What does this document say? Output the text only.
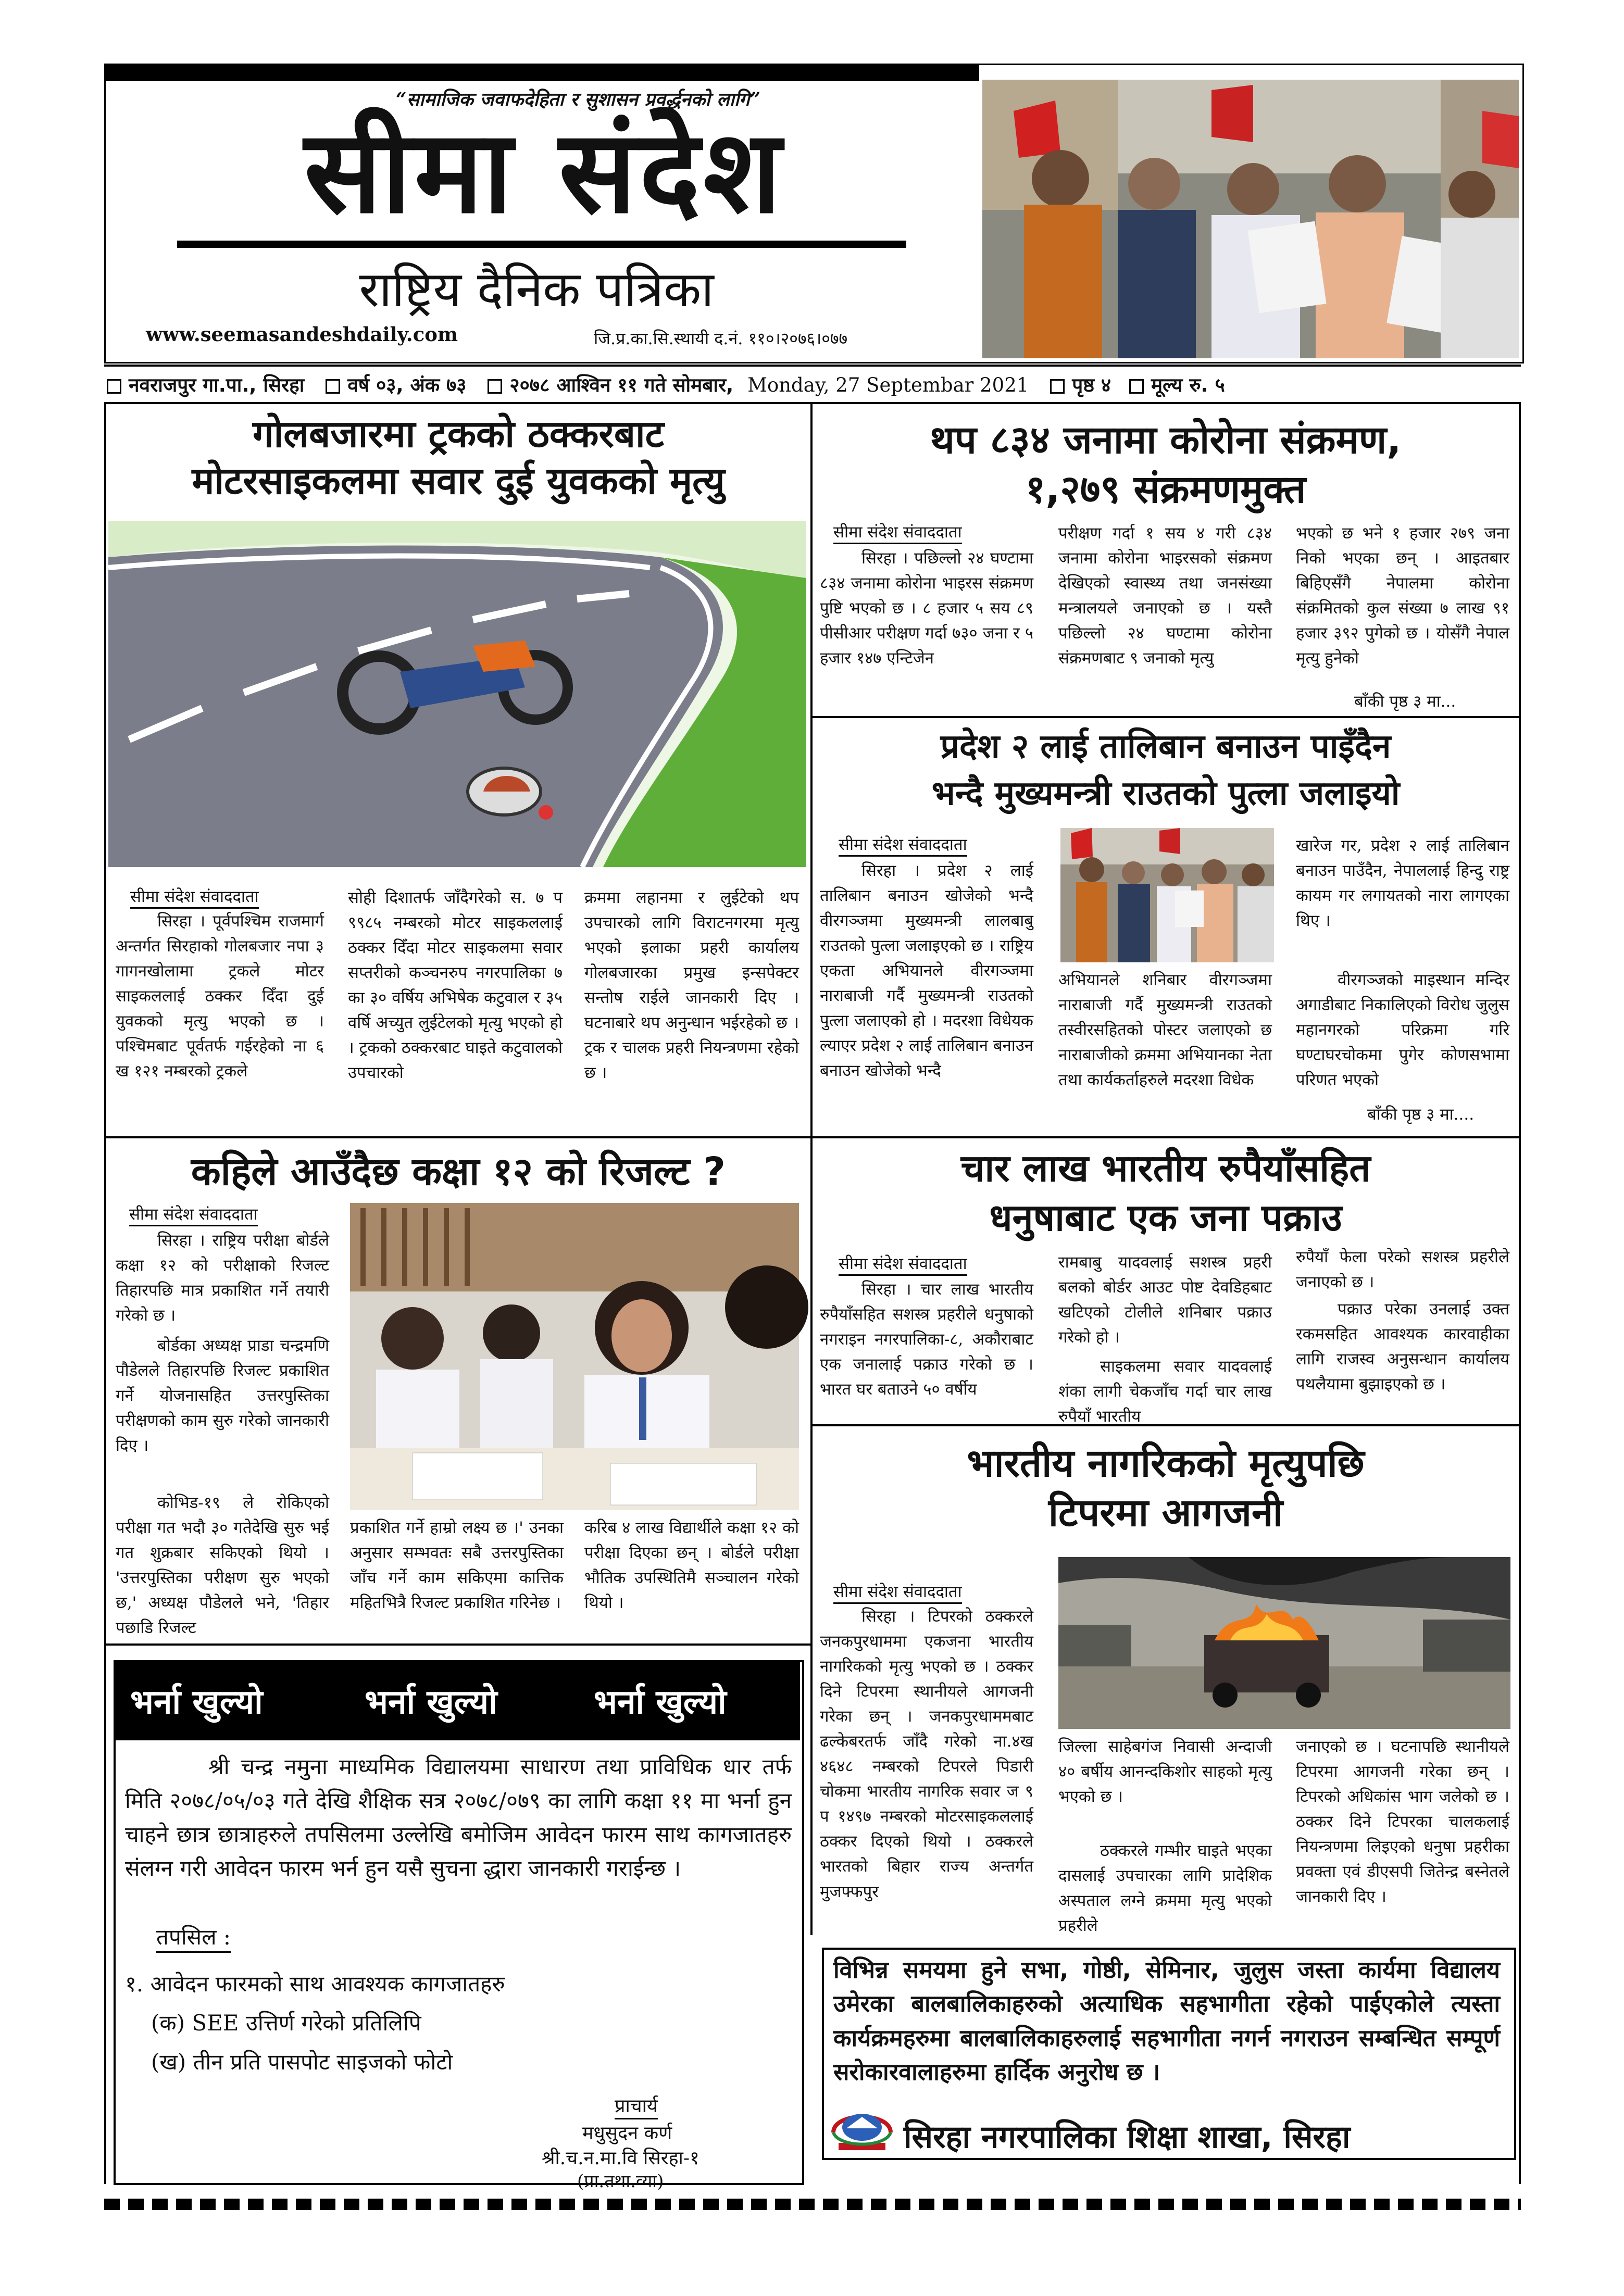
“सामाजिक जवाफदेहिता र सुशासन प्रवर्द्धनको लागि”
सीमा संदेश
राष्ट्रिय दैनिक पत्रिका
www.seemasandeshdaily.com	जि.प्र.का.सि.स्थायी द.नं. ११०।२०७६।०७७
नवराजपुर गा.पा., सिरहा वर्ष ०३, अंक ७३ २०७८ आश्विन ११ गते सोमबार, Monday, 27 Septembar 2021 पृष्ठ ४ मूल्य रु. ५
गोलबजारमा ट्रकको ठक्करबाट
मोटरसाइकलमा सवार दुई युवकको मृत्यु
सीमा संदेश संवाददाता
सिरहा । पूर्वपश्चिम राजमार्ग अन्तर्गत सिरहाको गोलबजार नपा ३ गागनखोलामा ट्रकले मोटर साइकललाई ठक्कर दिँदा दुई युवकको मृत्यु भएको छ । पश्चिमबाट पूर्वतर्फ गईरहेको ना ६ ख १२१ नम्बरको ट्रकले
सोही दिशातर्फ जाँदैगरेको स. ७ प ९९८५ नम्बरको मोटर साइकललाई ठक्कर दिँदा मोटर साइकलमा सवार सप्तरीको कञ्चनरुप नगरपालिका ७ का ३० वर्षिय अभिषेक कटुवाल र ३५ वर्षि अच्युत लुईटेलको मृत्यु भएको हो । ट्रकको ठक्करबाट घाइते कटुवालको उपचारको
क्रममा लहानमा र लुईटेको थप उपचारको लागि विराटनगरमा मृत्यु भएको इलाका प्रहरी कार्यालय गोलबजारका प्रमुख इन्सपेक्टर सन्तोष राईले जानकारी दिए । घटनाबारे थप अनुन्धान भईरहेको छ । ट्रक र चालक प्रहरी नियन्त्रणमा रहेको छ ।
थप ८३४ जनामा कोरोना संक्रमण,
१,२७९ संक्रमणमुक्त
सीमा संदेश संवाददाता
सिरहा । पछिल्लो २४ घण्टामा ८३४ जनामा कोरोना भाइरस संक्रमण पुष्टि भएको छ । ८ हजार ५ सय ८९ पीसीआर परीक्षण गर्दा ७३० जना र ५ हजार १४७ एन्टिजेन
परीक्षण गर्दा १ सय ४ गरी ८३४ जनामा कोरोना भाइरसको संक्रमण देखिएको स्वास्थ्य तथा जनसंख्या मन्त्रालयले जनाएको छ । यस्तै पछिल्लो २४ घण्टामा कोरोना संक्रमणबाट ९ जनाको मृत्यु
भएको छ भने १ हजार २७९ जना निको भएका छन् । आइतबार बिहिएसँगै नेपालमा कोरोना संक्रमितको कुल संख्या ७ लाख ९१ हजार ३९२ पुगेको छ । योसँगै नेपाल मृत्यु हुनेको
बाँकी पृष्ठ ३ मा...
प्रदेश २ लाई तालिबान बनाउन पाइँदैन
भन्दै मुख्यमन्त्री राउतको पुत्ला जलाइयो
सीमा संदेश संवाददाता
सिरहा । प्रदेश २ लाई तालिबान बनाउन खोजेको भन्दै वीरगञ्जमा मुख्यमन्त्री लालबाबु राउतको पुत्ला जलाइएको छ । राष्ट्रिय एकता अभियानले वीरगञ्जमा नाराबाजी गर्दै मुख्यमन्त्री राउतको पुत्ला जलाएको हो । मदरशा विधेयक ल्याएर प्रदेश २ लाई तालिबान बनाउन बनाउन खोजेको भन्दै
अभियानले शनिबार वीरगञ्जमा नाराबाजी गर्दै मुख्यमन्त्री राउतको तस्वीरसहितको पोस्टर जलाएको छ नाराबाजीको क्रममा अभियानका नेता तथा कार्यकर्ताहरुले मदरशा विधेक
खारेज गर, प्रदेश २ लाई तालिबान बनाउन पाउँदैन, नेपाललाई हिन्दु राष्ट्र कायम गर लगायतको नारा लागएका थिए ।
वीरगञ्जको माइस्थान मन्दिर अगाडीबाट निकालिएको विरोध जुलुस महानगरको परिक्रमा गरि घण्टाघरचोकमा पुगेर कोणसभामा परिणत भएको
बाँकी पृष्ठ ३ मा....
कहिले आउँदैछ कक्षा १२ को रिजल्ट ?
सीमा संदेश संवाददाता
सिरहा । राष्ट्रिय परीक्षा बोर्डले कक्षा १२ को परीक्षाको रिजल्ट तिहारपछि मात्र प्रकाशित गर्ने तयारी गरेको छ ।
बोर्डका अध्यक्ष प्राडा चन्द्रमणि पौडेलले तिहारपछि रिजल्ट प्रकाशित गर्ने योजनासहित उत्तरपुस्तिका परीक्षणको काम सुरु गरेको जानकारी दिए ।
कोभिड-१९ ले रोकिएको परीक्षा गत भदौ ३० गतेदेखि सुरु भई गत शुक्रबार सकिएको थियो । 'उत्तरपुस्तिका परीक्षण सुरु भएको छ,' अध्यक्ष पौडेलले भने, 'तिहार पछाडि रिजल्ट
प्रकाशित गर्ने हाम्रो लक्ष्य छ ।' उनका अनुसार सम्भवतः सबै उत्तरपुस्तिका जाँच गर्ने काम सकिएमा कात्तिक महितभित्रै रिजल्ट प्रकाशित गरिनेछ ।
करिब ४ लाख विद्यार्थीले कक्षा १२ को परीक्षा दिएका छन् । बोर्डले परीक्षा भौतिक उपस्थितिमै सञ्चालन गरेको थियो ।
चार लाख भारतीय रुपैयाँसहित
धनुषाबाट एक जना पक्राउ
सीमा संदेश संवाददाता
सिरहा । चार लाख भारतीय रुपैयाँसहित सशस्त्र प्रहरीले धनुषाको नगराइन नगरपालिका-८, अकौराबाट एक जनालाई पक्राउ गरेको छ । भारत घर बताउने ५० वर्षीय
रामबाबु यादवलाई सशस्त्र प्रहरी बलको बोर्डर आउट पोष्ट देवडिहबाट खटिएको टोलीले शनिबार पक्राउ गरेको हो ।
साइकलमा सवार यादवलाई शंका लागी चेकजाँच गर्दा चार लाख रुपैयाँ भारतीय
रुपैयाँ फेला परेको सशस्त्र प्रहरीले जनाएको छ ।
पक्राउ परेका उनलाई उक्त रकमसहित आवश्यक कारवाहीका लागि राजस्व अनुसन्धान कार्यालय पथलैयामा बुझाइएको छ ।
भारतीय नागरिकको मृत्युपछि
टिपरमा आगजनी
सीमा संदेश संवाददाता
सिरहा । टिपरको ठक्करले जनकपुरधाममा एकजना भारतीय नागरिकको मृत्यु भएको छ । ठक्कर दिने टिपरमा स्थानीयले आगजनी गरेका छन् । जनकपुरधाममबाट ढल्केबरतर्फ जाँदै गरेको ना.४ख ४६४८ नम्बरको टिपरले पिडारी चोकमा भारतीय नागरिक सवार ज ९ प १४९७ नम्बरको मोटरसाइकललाई ठक्कर दिएको थियो । ठक्करले भारतको बिहार राज्य अन्तर्गत मुजफ्फपुर
जिल्ला साहेबगंज निवासी अन्दाजी ४० बर्षीय आनन्दकिशोर साहको मृत्यु भएको छ ।
ठक्करले गम्भीर घाइते भएका दासलाई उपचारका लागि प्रादेशिक अस्पताल लग्ने क्रममा मृत्यु भएको प्रहरीले
जनाएको छ । घटनापछि स्थानीयले टिपरमा आगजनी गरेका छन् । टिपरको अधिकांस भाग जलेको छ । ठक्कर दिने टिपरका चालकलाई नियन्त्रणमा लिइएको धनुषा प्रहरीका प्रवक्ता एवं डीएसपी जितेन्द्र बस्नेतले जानकारी दिए ।
भर्ना खुल्यो	भर्ना खुल्यो	भर्ना खुल्यो
श्री चन्द्र नमुना माध्यमिक विद्यालयमा साधारण तथा प्राविधिक धार तर्फ मिति २०७८/०५/०३ गते देखि शैक्षिक सत्र २०७८/०७९ का लागि कक्षा ११ मा भर्ना हुन चाहने छात्र छात्राहरुले तपसिलमा उल्लेखि बमोजिम आवेदन फारम साथ कागजातहरु संलग्न गरी आवेदन फारम भर्न हुन यसै सुचना द्धारा जानकारी गराईन्छ ।
तपसिल :
१. आवेदन फारमको साथ आवश्यक कागजातहरु
(क) SEE उत्तिर्ण गरेको प्रतिलिपि
(ख) तीन प्रति पासपोट साइजको फोटो
प्राचार्य
मधुसुदन कर्ण
श्री.च.न.मा.वि सिरहा-१
(प्रा.तथा.व्या)
विभिन्न समयमा हुने सभा, गोष्ठी, सेमिनार, जुलुस जस्ता कार्यमा विद्यालय उमेरका बालबालिकाहरुको अत्याधिक सहभागीता रहेको पाईएकोले त्यस्ता कार्यक्रमहरुमा बालबालिकाहरुलाई सहभागीता नगर्न नगराउन सम्बन्धित सम्पूर्ण सरोकारवालाहरुमा हार्दिक अनुरोध छ ।
सिरहा नगरपालिका शिक्षा शाखा, सिरहा
